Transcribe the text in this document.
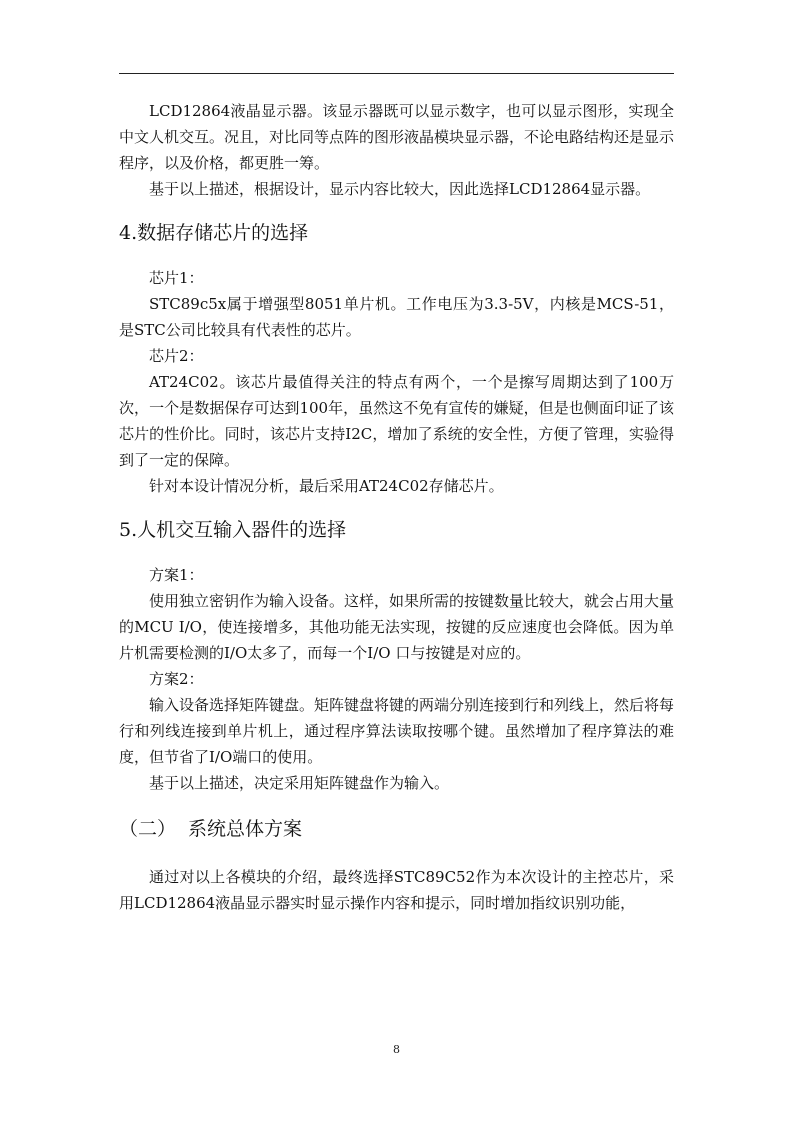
LCD12864液晶显示器。该显示器既可以显示数字，也可以显示图形，实现全中文人机交互。况且，对比同等点阵的图形液晶模块显示器，不论电路结构还是显示程序，以及价格，都更胜一筹。

基于以上描述，根据设计，显示内容比较大，因此选择LCD12864显示器。

4.数据存储芯片的选择

芯片1：

STC89c5x属于增强型8051单片机。工作电压为3.3-5V，内核是MCS-51，是STC公司比较具有代表性的芯片。

芯片2：

AT24C02。该芯片最值得关注的特点有两个，一个是擦写周期达到了100万次，一个是数据保存可达到100年，虽然这不免有宣传的嫌疑，但是也侧面印证了该芯片的性价比。同时，该芯片支持I2C，增加了系统的安全性，方便了管理，实验得到了一定的保障。

针对本设计情况分析，最后采用AT24C02存储芯片。

5.人机交互输入器件的选择

方案1：

使用独立密钥作为输入设备。这样，如果所需的按键数量比较大，就会占用大量的MCU I/O，使连接增多，其他功能无法实现，按键的反应速度也会降低。因为单片机需要检测的I/O太多了，而每一个I/O 口与按键是对应的。

方案2：

输入设备选择矩阵键盘。矩阵键盘将键的两端分别连接到行和列线上，然后将每行和列线连接到单片机上，通过程序算法读取按哪个键。虽然增加了程序算法的难度，但节省了I/O端口的使用。

基于以上描述，决定采用矩阵键盘作为输入。

（二） 系统总体方案

通过对以上各模块的介绍，最终选择STC89C52作为本次设计的主控芯片，采用LCD12864液晶显示器实时显示操作内容和提示，同时增加指纹识别功能，

8
